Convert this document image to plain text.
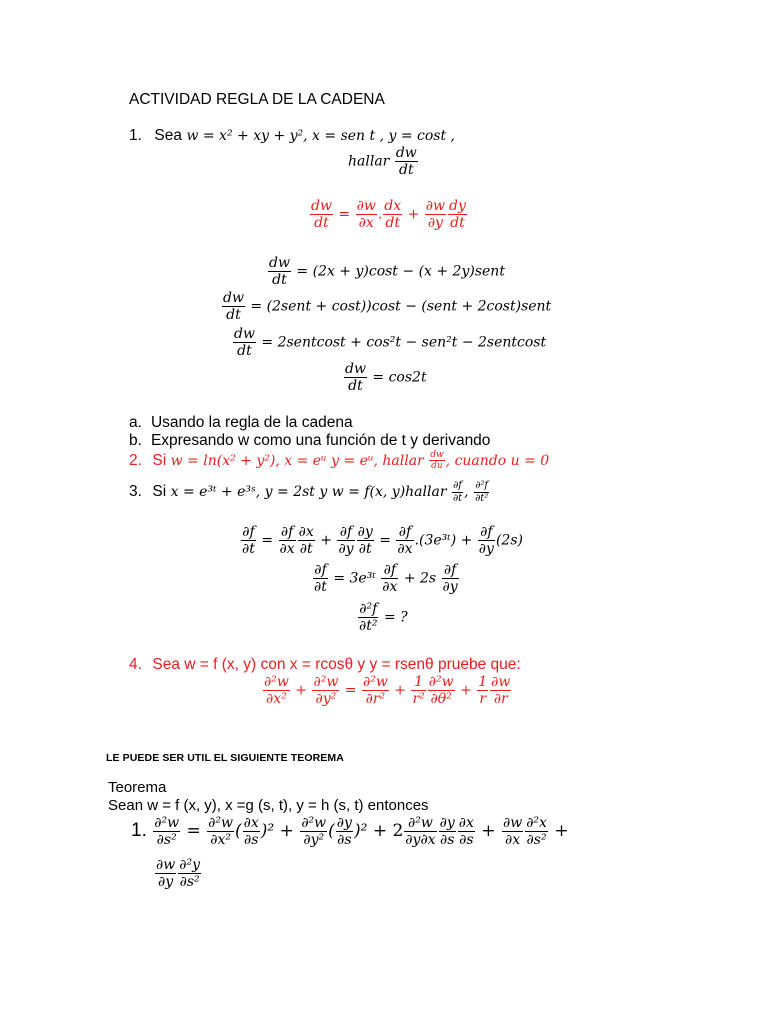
ACTIVIDAD REGLA DE LA CADENA
1. Sea w = x² + xy + y², x = sen t , y = cost ,
hallar $\frac{dw}{dt}$
$\frac{dw}{dt} = \frac{\partial w}{\partial x}$ . $\frac{dx}{dt} + \frac{\partial w}{\partial y} \frac{dy}{dt}$
$\frac{dw}{dt} = (2x + y)\cos t - (x$ + 2y)sent
$\frac{dw}{dt}$ = (2sent + cost))cost − (sent + 2cost)sent
$\frac{dw}{dt}$ = 2sentcost + cos²t − sen²t − 2sentcost
$\frac{dw}{dt} = \cos 2t$
a. Usando la regla de la cadena
b. Expresando w como una función de t y derivando
2. Si w = ln(x² + y²), x = eᵘ y = eᵘ, hallar $\frac{dw}{du}$ , cuando u = 0
3. Si x = e³ᵗ + e³ˢ, y = 2st y w = f(x, y)hallar $\frac{\partial f}{\partial t}$ , $\frac{\text{∂²f}}{\text{∂t²}}$
$\frac{\partial f}{\partial t} = \frac{\partial f}{\partial x} \frac{\partial x}{\partial t} + \frac{\partial f}{\partial y} \frac{\partial y}{\partial t} = \frac{\partial f}{\partial x}$ .(3e³ᵗ) + $\frac{\partial f}{\partial y} (2s)$
$\frac{\partial f}{\partial t}$ = 3e³ᵗ $\frac{\partial f}{\partial x} + 2s \frac{\partial f}{\partial y}$
$\frac{\text{∂²f}}{\text{∂t²}}$ = ?
4. Sea w = f (x, y) con x = rcosθ y y = rsenθ pruebe que:
$\frac{\text{∂²w}}{\text{∂x²}} + \frac{\text{∂²w}}{\text{∂y²}} = \frac{\text{∂²w}}{\text{∂r²}} + \frac{1}{\text{r²}} \frac{\text{∂²w}}{\text{∂θ²}} + \frac{1}{r} \frac{\partial w}{\partial r}$
LE PUEDE SER UTIL EL SIGUIENTE TEOREMA
Teorema
Sean w = f (x, y), x =g (s, t), y = h (s, t) entonces
1. $\frac{\text{∂²w}}{\text{∂s²}} = \frac{\text{∂²w}}{\text{∂x²}}$ ( $\frac{\partial x}{\partial s} )^2 + \frac{\text{∂²w}}{\text{∂y²}}$ ( $\frac{\partial y}{\partial s} )^2 + 2 \frac{\text{∂²w}}{\partial y\partial x} \frac{\partial y}{\partial s} \frac{\partial x}{\partial s} + \frac{\partial w}{\partial x} \frac{\text{∂²x}}{\text{∂s²}}$ +
$\frac{\partial w}{\partial y} \frac{\text{∂²y}}{\text{∂s²}}$
